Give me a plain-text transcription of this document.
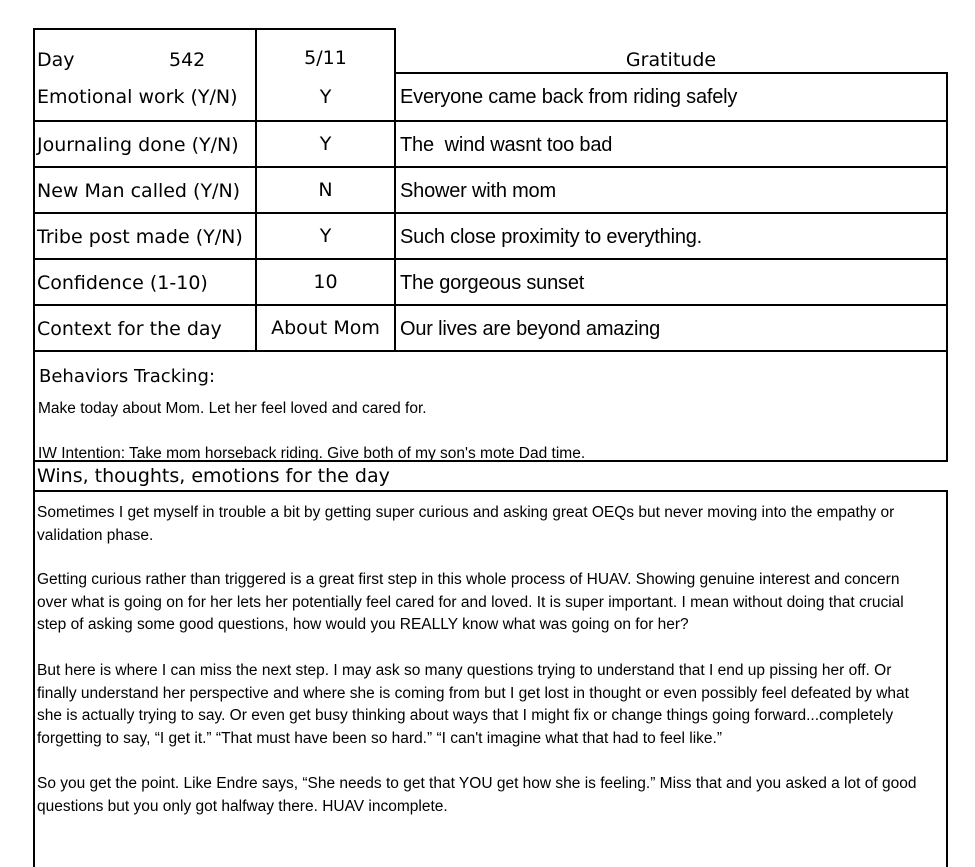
Day	542	5/11	Gratitude
Emotional work (Y/N)	Y	Everyone came back from riding safely
Journaling done (Y/N)	Y	The  wind wasnt too bad
New Man called (Y/N)	N	Shower with mom
Tribe post made (Y/N)	Y	Such close proximity to everything.
Confidence (1-10)	10	The gorgeous sunset
Context for the day	About Mom	Our lives are beyond amazing
Behaviors Tracking:
Make today about Mom. Let her feel loved and cared for.
IW Intention: Take mom horseback riding. Give both of my son's mote Dad time.
Wins, thoughts, emotions for the day
Sometimes I get myself in trouble a bit by getting super curious and asking great OEQs but never moving into the empathy or
validation phase.
Getting curious rather than triggered is a great first step in this whole process of HUAV. Showing genuine interest and concern
over what is going on for her lets her potentially feel cared for and loved. It is super important. I mean without doing that crucial
step of asking some good questions, how would you REALLY know what was going on for her?
But here is where I can miss the next step. I may ask so many questions trying to understand that I end up pissing her off. Or
finally understand her perspective and where she is coming from but I get lost in thought or even possibly feel defeated by what
she is actually trying to say. Or even get busy thinking about ways that I might fix or change things going forward...completely
forgetting to say, “I get it.” “That must have been so hard.” “I can't imagine what that had to feel like.”
So you get the point. Like Endre says, “She needs to get that YOU get how she is feeling.” Miss that and you asked a lot of good
questions but you only got halfway there. HUAV incomplete.
